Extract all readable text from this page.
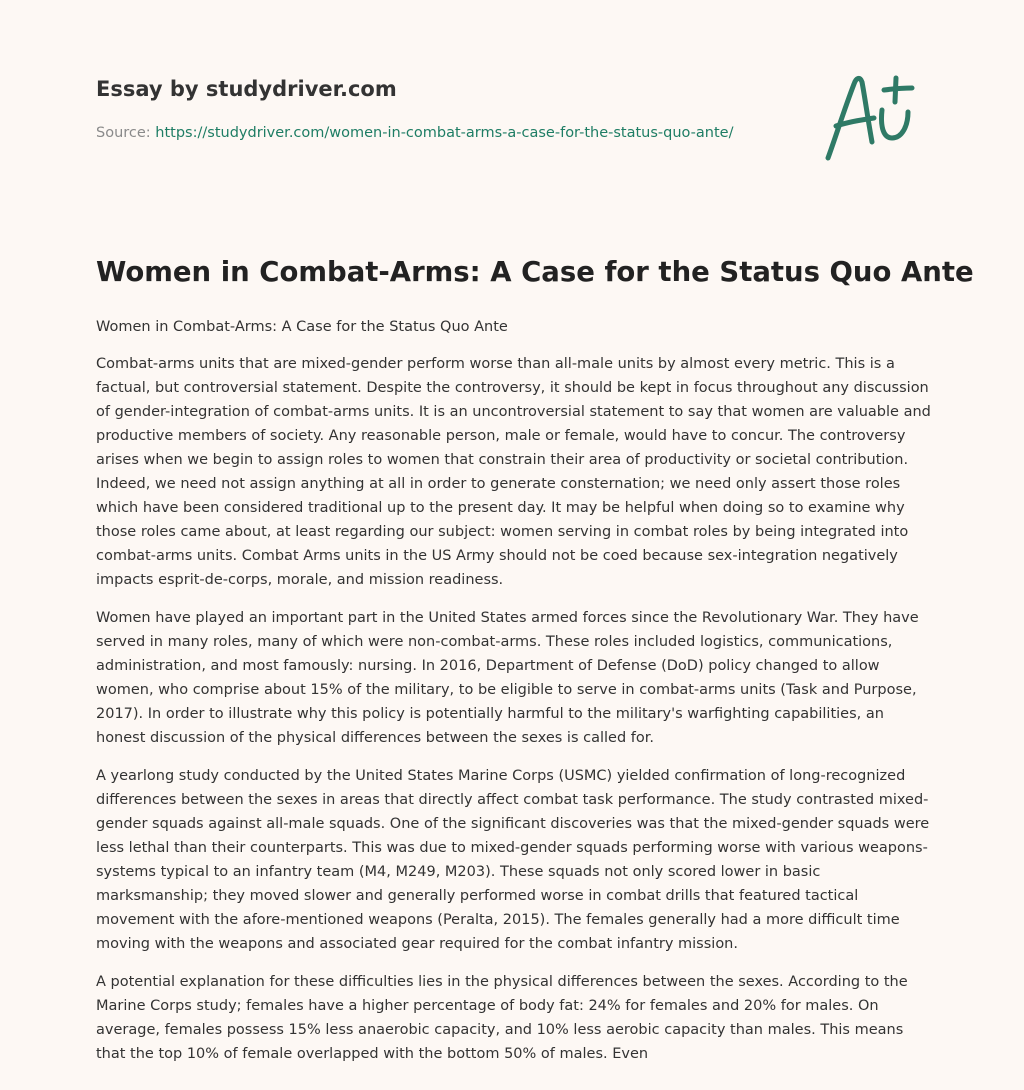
Essay by studydriver.com
Source: https://studydriver.com/women-in-combat-arms-a-case-for-the-status-quo-ante/
Women in Combat-Arms: A Case for the Status Quo Ante

Women in Combat-Arms: A Case for the Status Quo Ante

Combat-arms units that are mixed-gender perform worse than all-male units by almost every metric. This is a factual, but controversial statement. Despite the controversy, it should be kept in focus throughout any discussion of gender-integration of combat-arms units. It is an uncontroversial statement to say that women are valuable and productive members of society. Any reasonable person, male or female, would have to concur. The controversy arises when we begin to assign roles to women that constrain their area of productivity or societal contribution. Indeed, we need not assign anything at all in order to generate consternation; we need only assert those roles which have been considered traditional up to the present day. It may be helpful when doing so to examine why those roles came about, at least regarding our subject: women serving in combat roles by being integrated into combat-arms units. Combat Arms units in the US Army should not be coed because sex-integration negatively impacts esprit-de-corps, morale, and mission readiness.

Women have played an important part in the United States armed forces since the Revolutionary War. They have served in many roles, many of which were non-combat-arms. These roles included logistics, communications, administration, and most famously: nursing. In 2016, Department of Defense (DoD) policy changed to allow women, who comprise about 15% of the military, to be eligible to serve in combat-arms units (Task and Purpose, 2017). In order to illustrate why this policy is potentially harmful to the military's warfighting capabilities, an honest discussion of the physical differences between the sexes is called for.

A yearlong study conducted by the United States Marine Corps (USMC) yielded confirmation of long-recognized differences between the sexes in areas that directly affect combat task performance. The study contrasted mixed-gender squads against all-male squads. One of the significant discoveries was that the mixed-gender squads were less lethal than their counterparts. This was due to mixed-gender squads performing worse with various weapons-systems typical to an infantry team (M4, M249, M203). These squads not only scored lower in basic marksmanship; they moved slower and generally performed worse in combat drills that featured tactical movement with the afore-mentioned weapons (Peralta, 2015). The females generally had a more difficult time moving with the weapons and associated gear required for the combat infantry mission.

A potential explanation for these difficulties lies in the physical differences between the sexes. According to the Marine Corps study; females have a higher percentage of body fat: 24% for females and 20% for males. On average, females possess 15% less anaerobic capacity, and 10% less aerobic capacity than males. This means that the top 10% of female overlapped with the bottom 50% of males. Even
